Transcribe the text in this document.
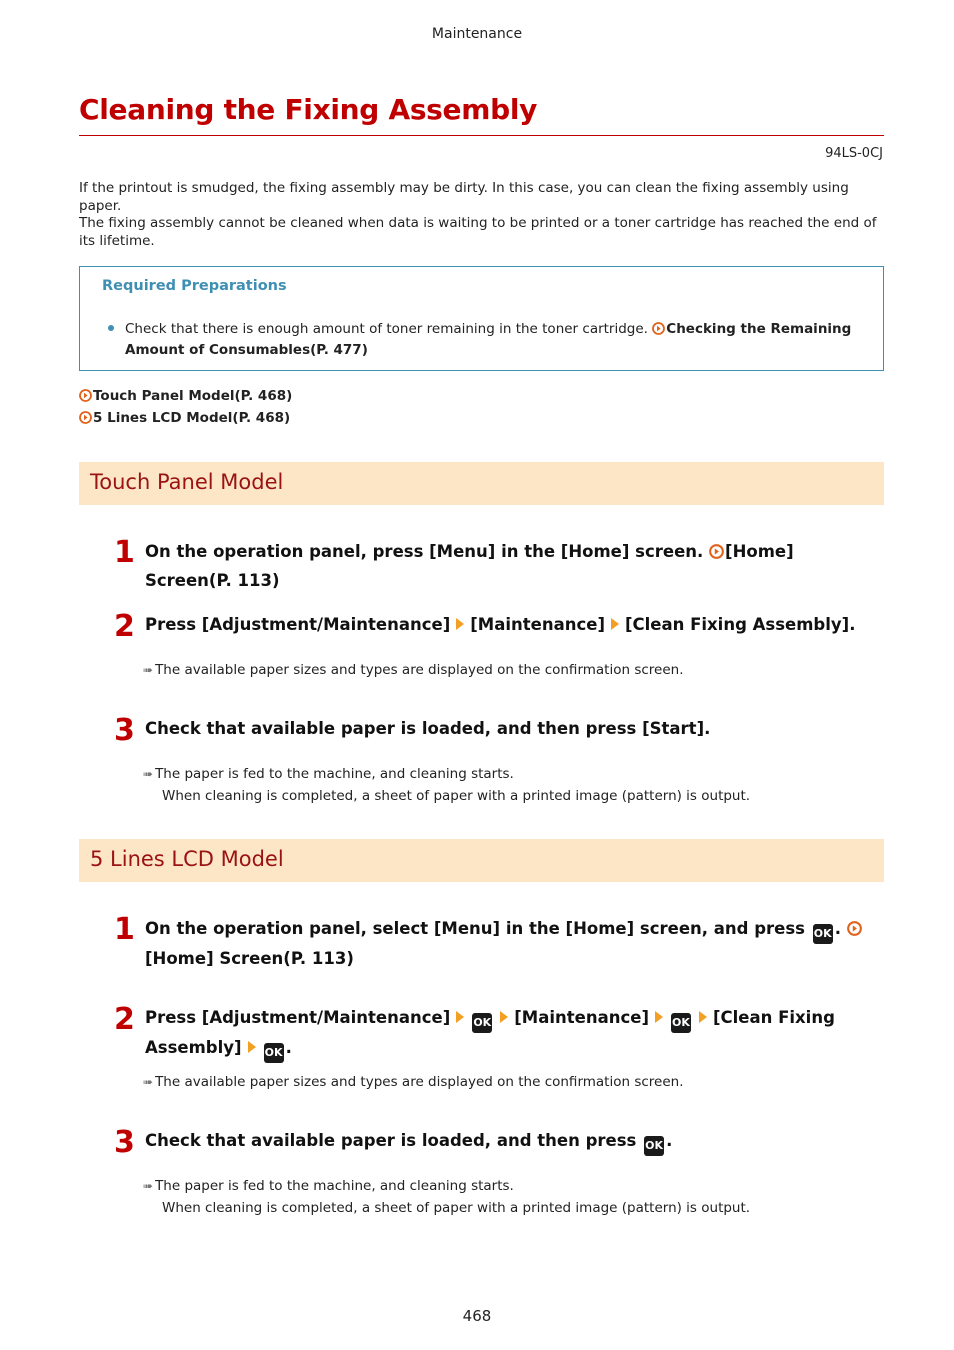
Maintenance
Cleaning the Fixing Assembly
94LS-0CJ
If the printout is smudged, the fixing assembly may be dirty. In this case, you can clean the fixing assembly using paper.
The fixing assembly cannot be cleaned when data is waiting to be printed or a toner cartridge has reached the end of its lifetime.
Required Preparations
Check that there is enough amount of toner remaining in the toner cartridge. Checking the Remaining Amount of Consumables(P. 477)
Touch Panel Model(P. 468)
5 Lines LCD Model(P. 468)
Touch Panel Model
1 On the operation panel, press [Menu] in the [Home] screen. [Home] Screen(P. 113)
2 Press [Adjustment/Maintenance] [Maintenance] [Clean Fixing Assembly].
➠ The available paper sizes and types are displayed on the confirmation screen.
3 Check that available paper is loaded, and then press [Start].
➠ The paper is fed to the machine, and cleaning starts.
When cleaning is completed, a sheet of paper with a printed image (pattern) is output.
5 Lines LCD Model
1 On the operation panel, select [Menu] in the [Home] screen, and press OK . [Home] Screen(P. 113)
2 Press [Adjustment/Maintenance] OK [Maintenance] OK [Clean Fixing Assembly] OK .
➠ The available paper sizes and types are displayed on the confirmation screen.
3 Check that available paper is loaded, and then press OK .
➠ The paper is fed to the machine, and cleaning starts.
When cleaning is completed, a sheet of paper with a printed image (pattern) is output.
468
